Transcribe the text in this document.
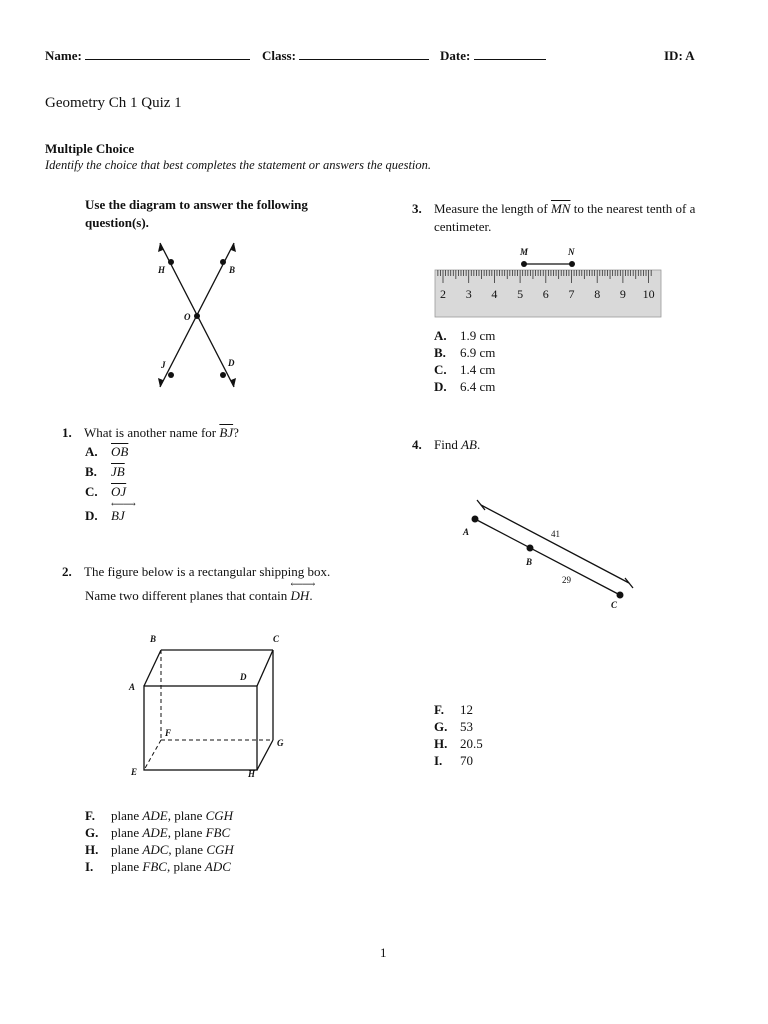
Name:	Class:	Date:	ID: A
Geometry Ch 1 Quiz 1
Multiple Choice
Identify the choice that best completes the statement or answers the question.
Use the diagram to answer the following
question(s).
H	B
O
J	D
1. What is another name for $\overline{BJ}$?
A. $\overline{OB}$
B. $\overline{JB}$
C. $\overline{OJ}$
D.
⟵⟶
BJ
2. The figure below is a rectangular shipping box.
Name two different planes that contain
⟵⟶
DH.
A
B	C
D
E
F
G
H
F. plane ADE, plane CGH
G. plane ADE, plane FBC
H. plane ADC, plane CGH
I. plane FBC, plane ADC
3. Measure the length of $\overline{MN}$ to the nearest tenth of a
centimeter.
M	N
2 3 4 5 6 7 8 9 10
A. 1.9 cm
B. 6.9 cm
C. 1.4 cm
D. 6.4 cm
4. Find AB.
A
B
C
41
29
F. 12
G. 53
H. 20.5
I. 70
1
